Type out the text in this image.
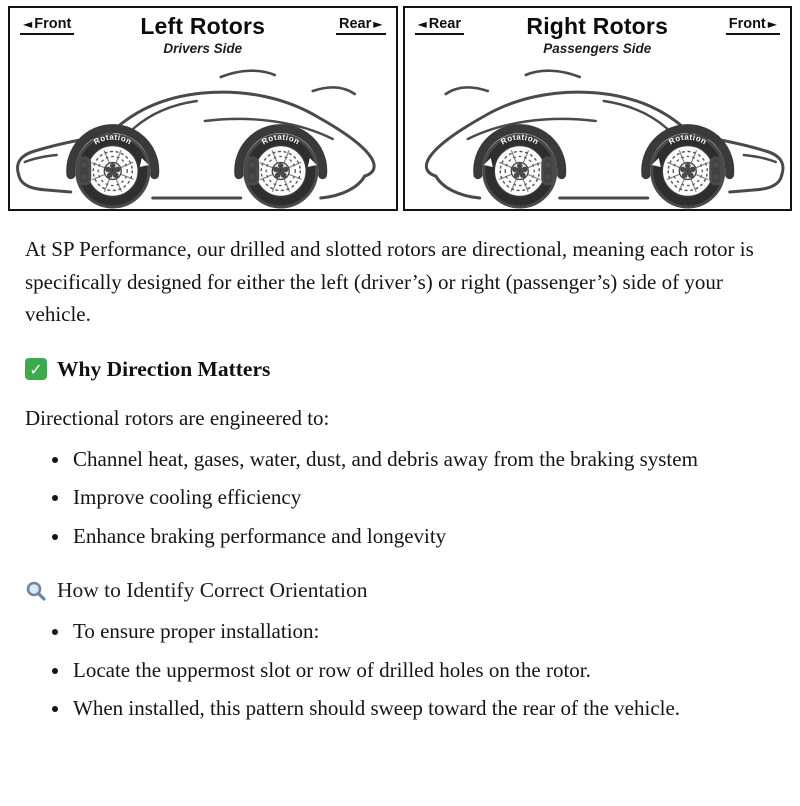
◄ Front	Rear ►
Left Rotors
Drivers Side
Rotation	Rotation
◄ Rear	Front ►
Right Rotors
Passengers Side
Rotation	Rotation

At SP Performance, our drilled and slotted rotors are directional, meaning each rotor is specifically designed for either the left (driver’s) or right (passenger’s) side of your vehicle.

✓ Why Direction Matters

Directional rotors are engineered to:

• Channel heat, gases, water, dust, and debris away from the braking system
• Improve cooling efficiency
• Enhance braking performance and longevity
How to Identify Correct Orientation
• To ensure proper installation:
• Locate the uppermost slot or row of drilled holes on the rotor.
• When installed, this pattern should sweep toward the rear of the vehicle.
